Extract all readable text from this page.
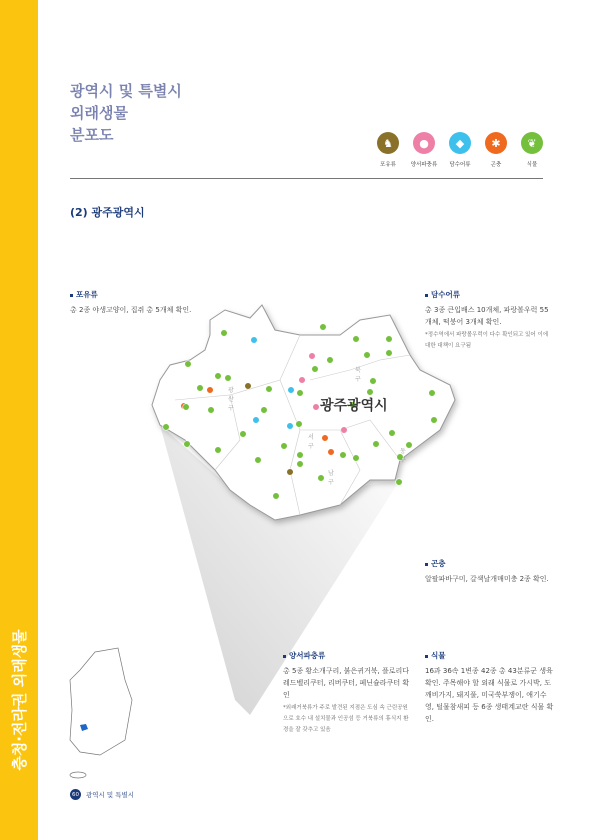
충청·전라권 외래생물
광역시 및 특별시
외래생물
분포도	♞
포유류
●
양서파충류
◆
담수어류
✱
곤충
❦
식물
(2) 광주광역시
광주광역시
광산구
북구
서구
남구
동구
포유류
총 2종 야생고양이, 집쥐 총 5개체 확인.
담수어류
총 3종 큰입배스 10개체, 파랑볼우럭 55개체, 떡붕어 3개체 확인.
*정수역에서 파랑볼우럭이 다수 확인되고 있어 이에 대한 대책이 요구됨
곤충
알팔파바구미, 갈색날개매미충 2종 확인.
양서파충류
총 5종 황소개구리, 붉은귀거북, 플로리다레드벨리쿠터, 리버쿠터, 페닌슐라쿠터 확인
*외래거북류가 주로 발견된 지점은 도심 속 근린공원으로 호수 내 설치물과 인공섬 등 거북류의 휴식지 환경을 잘 갖추고 있음
식물
16과 36속 1변종 42종 총 43분류군 생육 확인. 주목해야 할 외래 식물로 가시박, 도깨비가지, 돼지풀, 미국쑥부쟁이, 애기수영, 털물참새피 등 6종 생태계교란 식물 확인.
60	광역시 및 특별시
